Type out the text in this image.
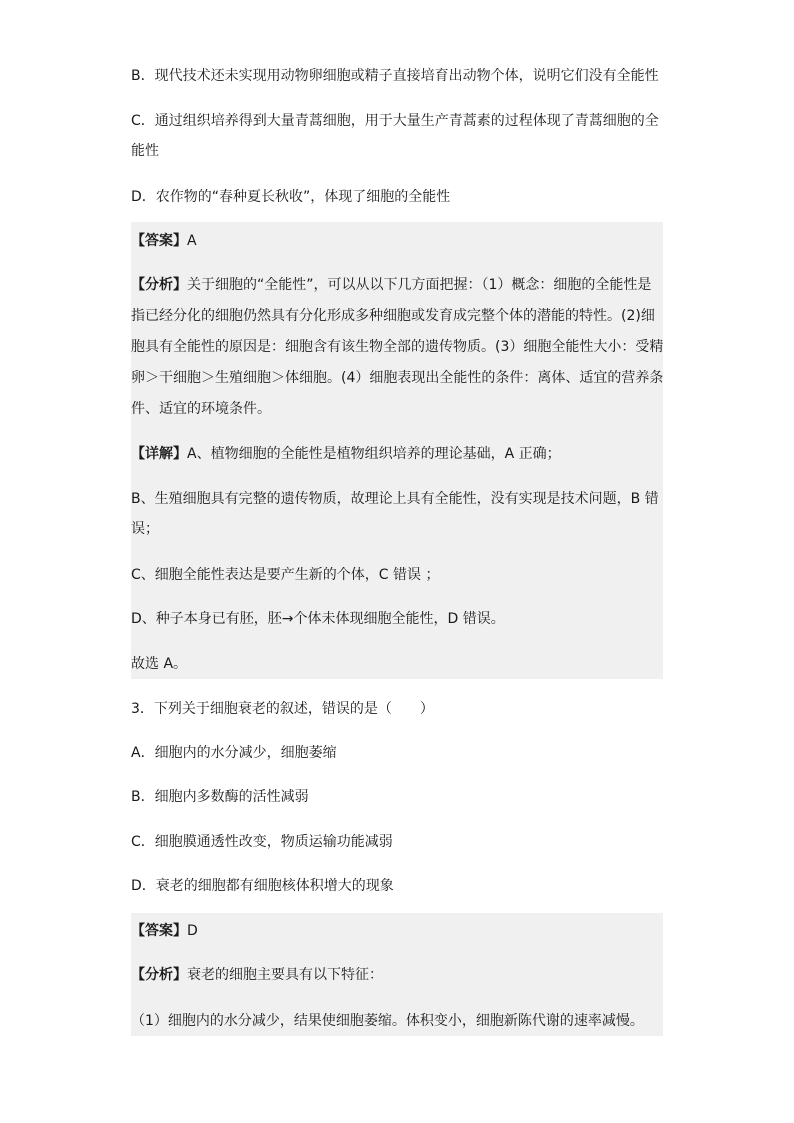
B．现代技术还未实现用动物卵细胞或精子直接培育出动物个体，说明它们没有全能性
C．通过组织培养得到大量青蒿细胞，用于大量生产青蒿素的过程体现了青蒿细胞的全
能性
D．农作物的“春种夏长秋收”，体现了细胞的全能性
【答案】A
【分析】关于细胞的“全能性”，可以从以下几方面把握：（1）概念：细胞的全能性是
指已经分化的细胞仍然具有分化形成多种细胞或发育成完整个体的潜能的特性。(2)细
胞具有全能性的原因是：细胞含有该生物全部的遗传物质。(3）细胞全能性大小：受精
卵＞干细胞＞生殖细胞＞体细胞。(4）细胞表现出全能性的条件：离体、适宜的营养条
件、适宜的环境条件。
【详解】A、植物细胞的全能性是植物组织培养的理论基础，A 正确；
B、生殖细胞具有完整的遗传物质，故理论上具有全能性，没有实现是技术问题，B 错
误；
C、细胞全能性表达是要产生新的个体，C 错误 ；
D、种子本身已有胚，胚→个体未体现细胞全能性，D 错误。
故选 A。
3．下列关于细胞衰老的叙述，错误的是（　　）
A．细胞内的水分减少，细胞萎缩
B．细胞内多数酶的活性减弱
C．细胞膜通透性改变，物质运输功能减弱
D．衰老的细胞都有细胞核体积增大的现象
【答案】D
【分析】衰老的细胞主要具有以下特征：
（1）细胞内的水分减少，结果使细胞萎缩。体积变小，细胞新陈代谢的速率减慢。
